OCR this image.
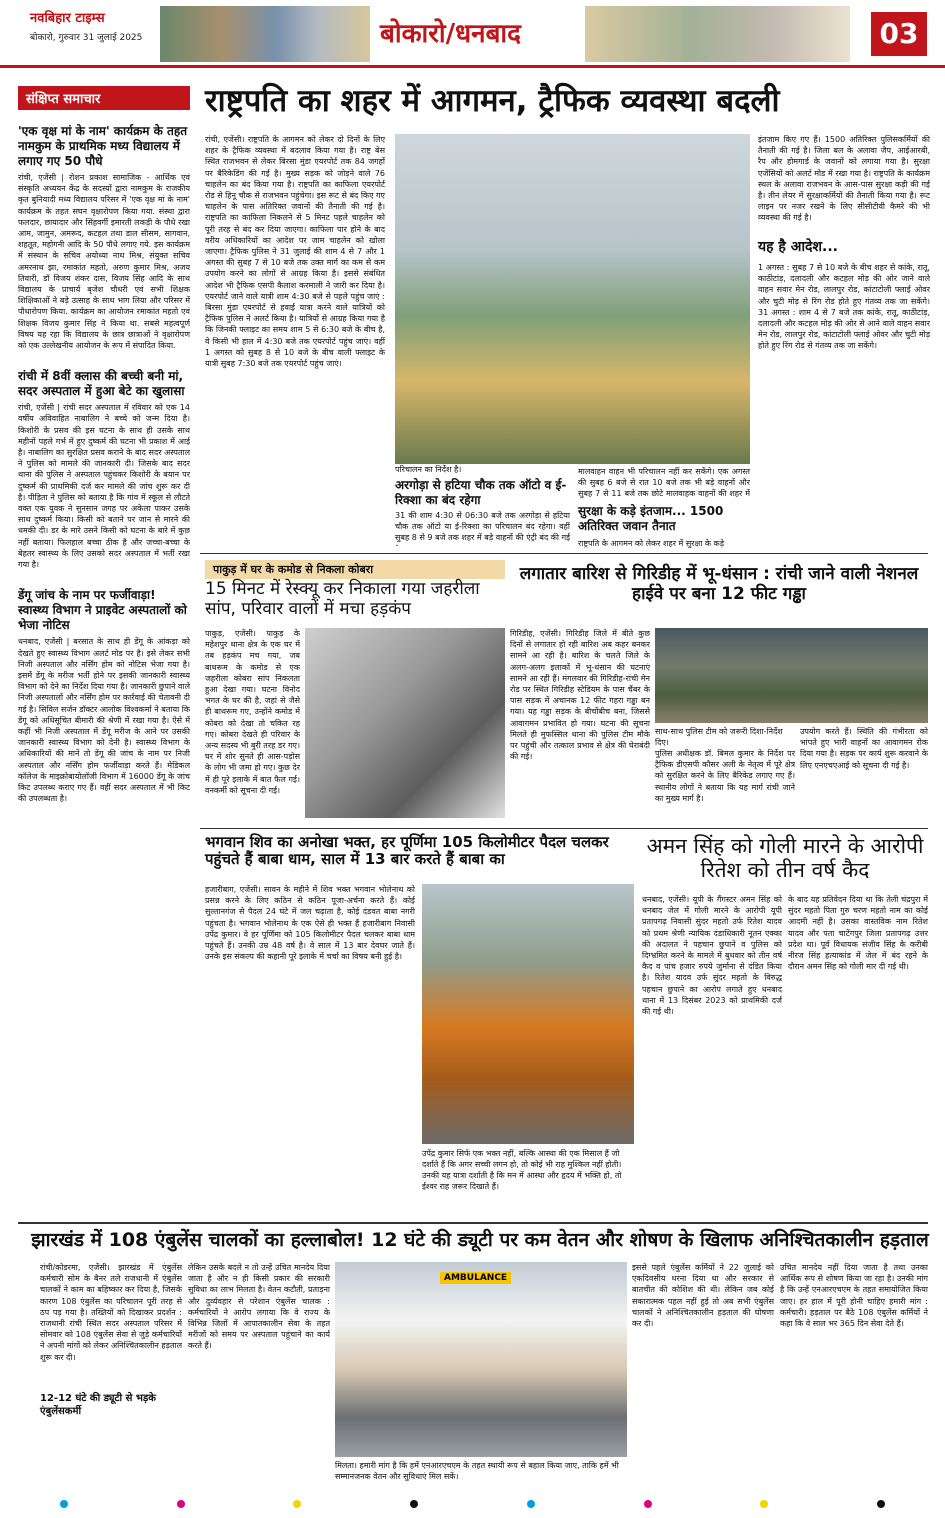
नवबिहार टाइम्स
बोकारो, गुरुवार 31 जुलाई 2025	बोकारो/धनबाद	03
संक्षिप्त समाचार
'एक वृक्ष मां के नाम' कार्यक्रम के तहत नामकुम के प्राथमिक मध्य विद्यालय में लगाए गए 50 पौधे
रांची, एजेंसी | रोशन प्रकाश सामाजिक - आर्थिक एवं संस्कृति अध्ययन केंद्र के सदस्यों द्वारा नामकुम के राजकीय कृत बुनियादी मध्य विद्यालय परिसर में 'एक वृक्ष मां के नाम' कार्यक्रम के तहत सघन वृक्षारोपण किया गया. संस्था द्वारा फलदार, छायादार और सिंहवर्गी इमारती लकड़ी के पौधे रखा आम, जामुन, अमरूद, कटहल तथा डाल सीसम, सागवान, शहतूत, महोगनी आदि के 50 पौधे लगाए गये. इस कार्यक्रम में संस्थान के सचिव अयोध्या नाथ मिश्र, संयुक्त सचिव अमरनाथ झा, रमाकांत महतो, अरुण कुमार मिश्र, अजय तिवारी, डॉ विजय शंकर दास, विजय सिंह आदि के साथ विद्यालय के प्राचार्य बृजेश चौधरी एवं सभी शिक्षक शिक्षिकाओं ने बड़े उत्साह के साथ भाग लिया और परिसर में पौधारोपण किया. कार्यक्रम का आयोजन रमाकांत महतो एवं शिक्षक विजय कुमार सिंह ने किया था. सबसे महत्वपूर्ण विषय यह रहा कि विद्यालय के छात्र छात्राओं ने वृक्षारोपण को एक उल्लेखनीय आयोजन के रूप में संपादित किया.
रांची में 8वीं क्लास की बच्ची बनी मां, सदर अस्पताल में हुआ बेटे का खुलासा
रांची, एजेंसी | रांची सदर अस्पताल में रविवार को एक 14 वर्षीय अविवाहित नाबालिग ने बच्चे को जन्म दिया है। किशोरी के प्रसव की इस घटना के साथ ही उसके साथ महीनों पहले गर्भ में हुए दुष्कर्म की घटना भी प्रकाश में आई है। नाबालिग का सुरक्षित प्रसव कराने के बाद सदर अस्पताल ने पुलिस को मामले की जानकारी दी। जिसके बाद सदर थाना की पुलिस ने अस्पताल पहुंचकर किशोरी के बयान पर दुष्कर्म की प्राथमिकी दर्ज कर मामले की जांच शुरू कर दी है। पीड़िता ने पुलिस को बताया है कि गांव में स्कूल से लौटते वक्त एक युवक ने सुनसान जगह पर अकेला पाकर उसके साथ दुष्कर्म किया। किसी को बताने पर जान से मारने की धमकी दी। डर के मारे उसने किसी को घटना के बारे में कुछ नहीं बताया। फिलहाल बच्चा ठीक है और जच्चा-बच्चा के बेहतर स्वास्थ्य के लिए उसको सदर अस्पताल में भर्ती रखा गया है।
डेंगू जांच के नाम पर फर्जीवाड़ा! स्वास्थ्य विभाग ने प्राइवेट अस्पतालों को भेजा नोटिस
धनबाद, एजेंसी | बरसात के साथ ही डेंगू के आंकड़ा को देखते हुए स्वास्थ्य विभाग अलर्ट मोड पर है। इसे लेकर सभी निजी अस्पताल और नर्सिंग होम को नोटिस भेजा गया है। इसमें डेंगू के मरीज भर्ती होने पर इसकी जानकारी स्वास्थ्य विभाग को देने का निर्देश दिया गया है। जानकारी छुपाने वाले निजी अस्पतालों और नर्सिंग होम पर कार्रवाई की चेतावनी दी गई है। सिविल सर्जन डॉक्टर आलोक विश्वकर्मा ने बताया कि डेंगू को अधिसूचित बीमारी की श्रेणी में रखा गया है। ऐसे में कहीं भी निजी अस्पताल में डेंगू मरीज के आने पर उसकी जानकारी स्वास्थ्य विभाग को देनी है। स्वास्थ्य विभाग के अधिकारियों की मानें तो डेंगू की जांच के नाम पर निजी अस्पताल और नर्सिंग होम फर्जीवाड़ा करते हैं। मेडिकल कॉलेज के माइक्रोबायोलॉजी विभाग में 16000 डेंगू के जांच किट उपलब्ध कराए गए हैं। वहीं सदर अस्पताल में भी किट की उपलब्धता है।
राष्ट्रपति का शहर में आगमन, ट्रैफिक व्यवस्था बदली
रांची, एजेंसी। राष्ट्रपति के आगमन को लेकर दो दिनों के लिए शहर के ट्रैफिक व्यवस्था में बदलाव किया गया है। राष्ट्र बेस स्थित राजभवन से लेकर बिरसा मुंडा एयरपोर्ट तक 84 जगहों पर बैरिकेडिंग की गई है। मुख्य सड़क को जोड़ने वाले 76 चाहलेन का बंद किया गया है। राष्ट्रपति का काफिला एयरपोर्ट रोड से हिनू चौक से राजभवन पहुंचेगा। इस रूट से बंद किए गए चाहलेन के पास अतिरिक्त जवानों की तैनाती की गई है। राष्ट्रपति का काफिला निकलने से 5 मिनट पहले चाहलेन को पूरी तरह से बंद कर दिया जाएगा। काफिला पार होने के बाद वरीय अधिकारियों का आदेश पर जाम चाहलेन को खोला जाएगा। ट्रैफिक पुलिस ने 31 जुलाई की शाम 4 से 7 और 1 अगस्त की सुबह 7 से 10 बजे तक उक्त मार्ग का कम से कम उपयोग करने का लोगों से आग्रह किया है। इससे संबंधित आदेश भी ट्रैफिक एसपी कैलाश करमाली ने जारी कर दिया है। एयरपोर्ट जाने वाले यात्री शाम 4:30 बजे से पहले पहुंच जाएं : बिरसा मुंडा एयरपोर्ट से हवाई यात्रा करने वाले यात्रियों को ट्रैफिक पुलिस ने अलर्ट किया है। यात्रियों से आग्रह किया गया है कि जिनकी फ्लाइट का समय शाम 5 से 6:30 बजे के बीच है, वे किसी भी हाल में 4:30 बजे तक एयरपोर्ट पहुंच जाएं। वहीं 1 अगस्त को सुबह 8 से 10 बजे के बीच वाली फ्लाइट के यात्री सुबह 7:30 बजे तक एयरपोर्ट पहुंच जाएं।
परिचालन का निर्देश है।
अरगोड़ा से हटिया चौक तक ऑटो व ई-रिक्शा का बंद रहेगा
31 की शाम 4:30 से 06:30 बजे तक अरगोड़ा से हटिया चौक तक ऑटो या ई-रिक्शा का परिचालन बंद रहेगा। वहीं सुबह 8 से 9 बजे तक शहर में बड़े वाहनों की एंट्री बंद की गई
मालवाहन वाहन भी परिचालन नहीं कर सकेंगे। एक अगस्त की सुबह 6 बजे से रात 10 बजे तक भी बड़े वाहनों और सुबह 7 से 11 बजे तक छोटे मालवाहक वाहनों की शहर में
सुरक्षा के कड़े इंतजाम... 1500 अतिरिक्त जवान तैनात
राष्ट्रपति के आगमन को लेकर शहर में सुरक्षा के कड़े
इंतजाम किए गए हैं। 1500 अतिरिक्त पुलिसकर्मियों की तैनाती की गई है। जिला बल के अलावा जैप, आईआरबी, रैप और होमगार्ड के जवानों को लगाया गया है। सुरक्षा एजेंसियों को अलर्ट मोड में रखा गया है। राष्ट्रपति के कार्यक्रम स्थल के अलावा राजभवन के आस-पास सुरक्षा कड़ी की गई है। तीन लेयर में सुरक्षाकर्मियों की तैनाती किया गया है। रूट लाइन पर नजर रखने के लिए सीसीटीवी कैमरे की भी व्यवस्था की गई है।
यह है आदेश...
1 अगस्त : सुबह 7 से 10 बजे के बीच शहर से कांके, रातू, काठीटांड़, दलादली और कटहल मोड़ की ओर जाने वाले वाहन सवार मेन रोड, लालपुर रोड, कांटाटोली फ्लाई ओवर और चुटी मोड़ से रिंग रोड होते हुए गंतव्य तक जा सकेंगे। 31 अगस्त : शाम 4 से 7 बजे तक कांके, रातू, काठीटांड़, दलादली और कटहल मोड़ की ओर से आने वाले वाहन सवार मेन रोड, लालपुर रोड, कांटाटोली फ्लाई ओवर और चुटी मोड़ होते हुए रिंग रोड से गंतव्य तक जा सकेंगे।
पाकुड़ में घर के कमोड से निकला कोबरा
15 मिनट में रेस्क्यू कर निकाला गया जहरीला सांप, परिवार वालों में मचा हड़कंप
पाकुड़, एजेंसी। पाकुड़ के महेशपुर थाना क्षेत्र के एक घर में तब हड़कंप मच गया, जब बाथरूम के कमोड से एक जहरीला कोबरा सांप निकलता हुआ देखा गया। घटना विनोद भगत के घर की है, जहां से जैसे ही बाथरूम गए, उन्होंने कमोड में कोबरा को देखा तो चकित रह गए। कोबरा देखते ही परिवार के अन्य सदस्य भी बुरी तरह डर गए। घर में शोर सुनते ही आस-पड़ोस के लोग भी जमा हो गए। कुछ देर में ही पूरे इलाके में बात फैल गई। वनकर्मी को सूचना दी गई।
लगातार बारिश से गिरिडीह में भू-धंसान : रांची जाने वाली नेशनल हाईवे पर बना 12 फीट गड्ढा
गिरिडीह, एजेंसी। गिरिडीह जिले में बीते कुछ दिनों से लगातार हो रही बारिश अब कहर बनकर सामने आ रही है। बारिश के चलते जिले के अलग-अलग इलाकों में भू-धंसान की घटनाएं सामने आ रही हैं। मंगलवार की गिरिडीह-रांची मेन रोड पर स्थित गिरिडीह स्टेडियम के पास चैंबर के पास सड़क में अचानक 12 फीट गहरा गड्ढा बन गया। यह गड्ढा सड़क के बीचोंबीच बना, जिससे आवागमन प्रभावित हो गया। घटना की सूचना मिलते ही मुफस्सिल थाना की पुलिस टीम मौके पर पहुंची और तत्काल प्रभाव से क्षेत्र की घेराबंदी की गई।
साथ-साथ पुलिस टीम को जरूरी दिशा-निर्देश दिए।
पुलिस अधीक्षक डॉ. बिमल कुमार के निर्देश पर ट्रैफिक डीएसपी कौसर अली के नेतृत्व में पूरे क्षेत्र को सुरक्षित करने के लिए बैरिकेड लगाए गए हैं। स्थानीय लोगों ने बताया कि यह मार्ग रांची जाने का मुख्य मार्ग है।
उपयोग करते हैं। स्थिति की गंभीरता को भांपते हुए भारी वाहनों का आवागमन रोक दिया गया है। सड़क पर कार्य शुरू करवाने के लिए एनएचएआई को सूचना दी गई है।
भगवान शिव का अनोखा भक्त, हर पूर्णिमा 105 किलोमीटर पैदल चलकर पहुंचते हैं बाबा धाम, साल में 13 बार करते हैं बाबा का
हजारीबाग, एजेंसी। सावन के महीने में शिव भक्त भगवान भोलेनाथ को प्रसन्न करने के लिए कठिन से कठिन पूजा-अर्चना करते हैं। कोई सुल्तानगंज से पैदल 24 घंटे में जल चढ़ाता है, कोई दंडवत बाबा नगरी पहुंचता है। भगवान भोलेनाथ के एक ऐसे ही भक्त हैं हजारीबाग निवासी उपेंद्र कुमार। वे हर पूर्णिमा को 105 किलोमीटर पैदल चलकर बाबा धाम पहुंचते हैं। उनकी उम्र 48 वर्ष है। वे साल में 13 बार देवघर जाते हैं। उनके इस संकल्प की कहानी पूरे इलाके में चर्चा का विषय बनी हुई है।
उपेंद्र कुमार सिर्फ एक भक्त नहीं, बल्कि आस्था की एक मिसाल हैं जो दर्शाते हैं कि अगर सच्ची लगन हो, तो कोई भी राह मुश्किल नहीं होती। उनकी यह यात्रा दर्शाती है कि मन में आस्था और हृदय में भक्ति हो, तो ईश्वर राह जरूर दिखाते हैं।
अमन सिंह को गोली मारने के आरोपी रितेश को तीन वर्ष कैद
धनबाद, एजेंसी। यूपी के गैंगस्टर अमन सिंह को धनबाद जेल में गोली मारने के आरोपी यूपी प्रतापगढ़ निवासी सुंदर महतो उर्फ रितेश यादव को प्रथम श्रेणी न्यायिक दंडाधिकारी नूतन एक्का की अदालत ने पहचान छुपाने व पुलिस को दिग्भ्रमित करने के मामले में बुधवार को तीन वर्ष कैद व पांच हजार रुपये जुर्माना से दंडित किया है। रितेश यादव उर्फ सुंदर महतो के विरुद्ध पहचान छुपाने का आरोप लगाते हुए धनबाद थाना में 13 दिसंबर 2023 को प्राथमिकी दर्ज की गई थी।
के बाद यह प्रतिवेदन दिया था कि तेली चंद्रपुरा में सुंदर महतो पिता गुरु चरण महतो नाम का कोई आदमी नहीं है। उसका वास्तविक नाम रितेश यादव और पता चाटेंगपुर जिला प्रतापगढ़ उत्तर प्रदेश था। पूर्व विधायक संजीव सिंह के करीबी नीरज सिंह हत्याकांड में जेल में बंद रहने के दौरान अमन सिंह को गोली मार दी गई थी।
झारखंड में 108 एंबुलेंस चालकों का हल्लाबोल! 12 घंटे की ड्यूटी पर कम वेतन और शोषण के खिलाफ अनिश्चितकालीन हड़ताल
रांची/कोडरमा, एजेंसी। झारखंड में एंबुलेंस कर्मचारी सोम के बैनर तले राजधानी में एंबुलेंस चालकों ने काम का बहिष्कार कर दिया है, जिसके कारण 108 एंबुलेंस का परिचालन पूरी तरह से ठप पड़ गया है। तख्तियों को दिखाकर प्रदर्शन : राजधानी रांची स्थित सदर अस्पताल परिसर में सोमवार को 108 एंबुलेंस सेवा से जुड़े कर्मचारियों ने अपनी मांगों को लेकर अनिश्चितकालीन हड़ताल शुरू कर दी।
12-12 घंटे की ड्यूटी से भड़के एंबुलेंसकर्मी
लेकिन उसके बदले न तो उन्हें उचित मानदेय दिया जाता है और न ही किसी प्रकार की सरकारी सुविधा का लाभ मिलता है। वेतन कटौती, प्रताड़ना और दुर्व्यवहार से परेशान एंबुलेंस चालक : कर्मचारियों ने आरोप लगाया कि वे राज्य के विभिन्न जिलों में आपातकालीन सेवा के तहत मरीजों को समय पर अस्पताल पहुंचाने का कार्य करते हैं।
AMBULANCE
मिलता। हमारी मांग है कि हमें एनआरएचएम के तहत स्थायी रूप से बहाल किया जाए, ताकि हमें भी सम्मानजनक वेतन और सुविधाएं मिल सकें।
इससे पहले एंबुलेंस कर्मियों ने 22 जुलाई को एकदिवसीय धरना दिया था और सरकार से बातचीत की कोशिश की थी। लेकिन जब कोई सकारात्मक पहल नहीं हुई तो अब सभी एंबुलेंस चालकों ने अनिश्चितकालीन हड़ताल की घोषणा कर दी।
उचित मानदेय नहीं दिया जाता है तथा उनका आर्थिक रूप से शोषण किया जा रहा है। उनकी मांग है कि उन्हें एनआरएचएम के तहत समायोजित किया जाए। हर हाल में पूरी होनी चाहिए हमारी मांग : कर्मचारी। हड़ताल पर बैठे 108 एंबुलेंस कर्मियों ने कहा कि वे साल भर 365 दिन सेवा देते हैं।
